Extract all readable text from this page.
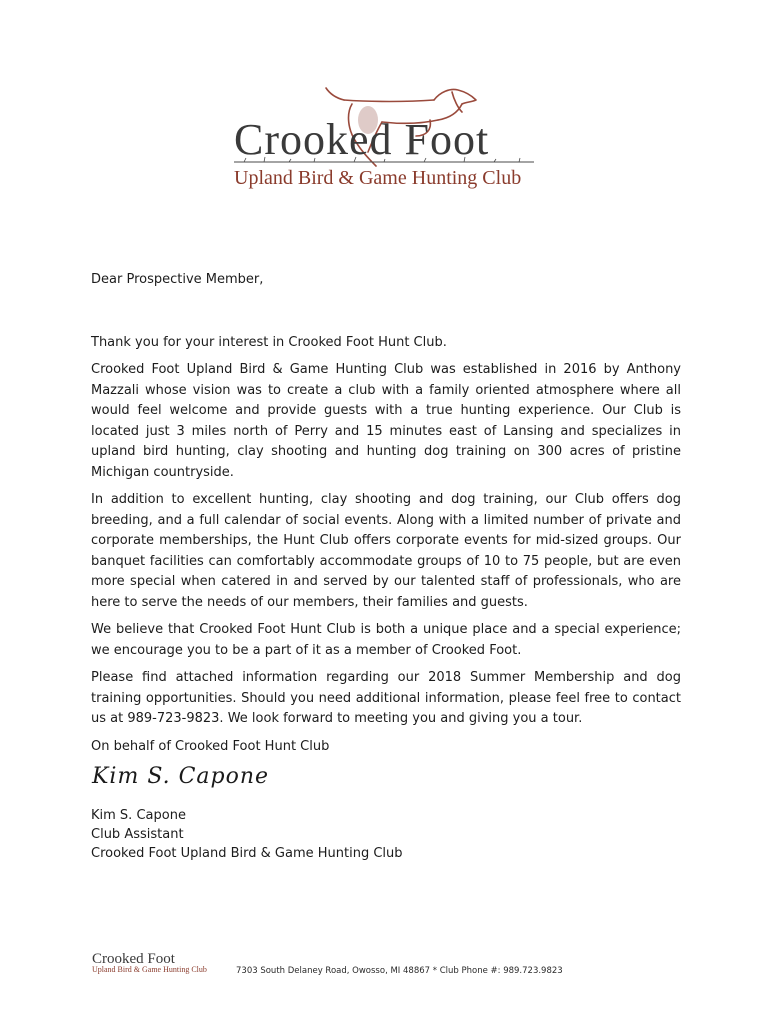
Crooked Foot
Upland Bird & Game Hunting Club

Dear Prospective Member,

Thank you for your interest in Crooked Foot Hunt Club.

Crooked Foot Upland Bird & Game Hunting Club was established in 2016 by Anthony Mazzali whose vision was to create a club with a family oriented atmosphere where all would feel welcome and provide guests with a true hunting experience. Our Club is located just 3 miles north of Perry and 15 minutes east of Lansing and specializes in upland bird hunting, clay shooting and hunting dog training on 300 acres of pristine Michigan countryside.

In addition to excellent hunting, clay shooting and dog training, our Club offers dog breeding, and a full calendar of social events. Along with a limited number of private and corporate memberships, the Hunt Club offers corporate events for mid-sized groups. Our banquet facilities can comfortably accommodate groups of 10 to 75 people, but are even more special when catered in and served by our talented staff of professionals, who are here to serve the needs of our members, their families and guests.

We believe that Crooked Foot Hunt Club is both a unique place and a special experience; we encourage you to be a part of it as a member of Crooked Foot.

Please find attached information regarding our 2018 Summer Membership and dog training opportunities. Should you need additional information, please feel free to contact us at 989-723-9823. We look forward to meeting you and giving you a tour.

On behalf of Crooked Foot Hunt Club

Kim S. Capone
Kim S. Capone
Club Assistant
Crooked Foot Upland Bird & Game Hunting Club
Crooked Foot
Upland Bird & Game Hunting Club	7303 South Delaney Road, Owosso, MI 48867 * Club Phone #: 989.723.9823
